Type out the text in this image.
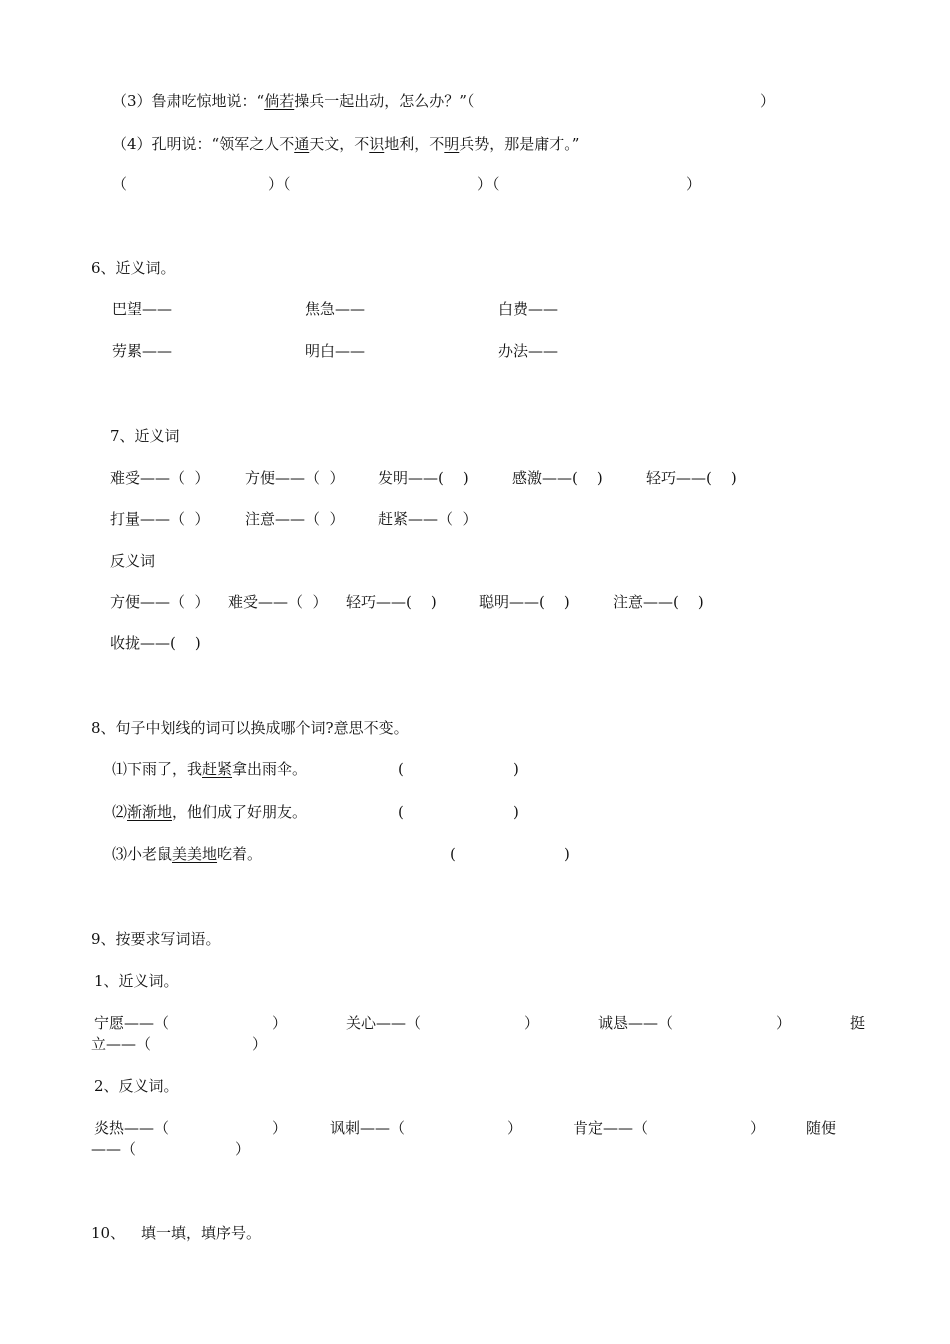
（3）鲁肃吃惊地说：“倘若操兵一起出动，怎么办？”（	）
（4）孔明说：“领军之人不通天文，不识地利，不明兵势，那是庸才。”
（	）（	）（	）
6、近义词。
巴望——	焦急——	白费——
劳累——	明白——	办法——
7、近义词
难受——（  ） 方便——（  ） 发明——(    )	感激——(    )	轻巧——(    )
打量——（  ） 注意——（  ） 赶紧——（  ）
反义词
方便——（  ） 难受——（  ） 轻巧——(    )	聪明——(    )	注意——(    )
收拢——(    )
8、句子中划线的词可以换成哪个词?意思不变。
⑴下雨了，我赶紧拿出雨伞。	(	)
⑵渐渐地，他们成了好朋友。	(	)
⑶小老鼠美美地吃着。	(	)
9、按要求写词语。
1、近义词。
宁愿——（	）	关心——（	）	诚恳——（	）	挺
立——（	）
2、反义词。
炎热——（	）	讽刺——（	）	肯定——（	）	随便
——（	）
10、 填一填，填序号。
